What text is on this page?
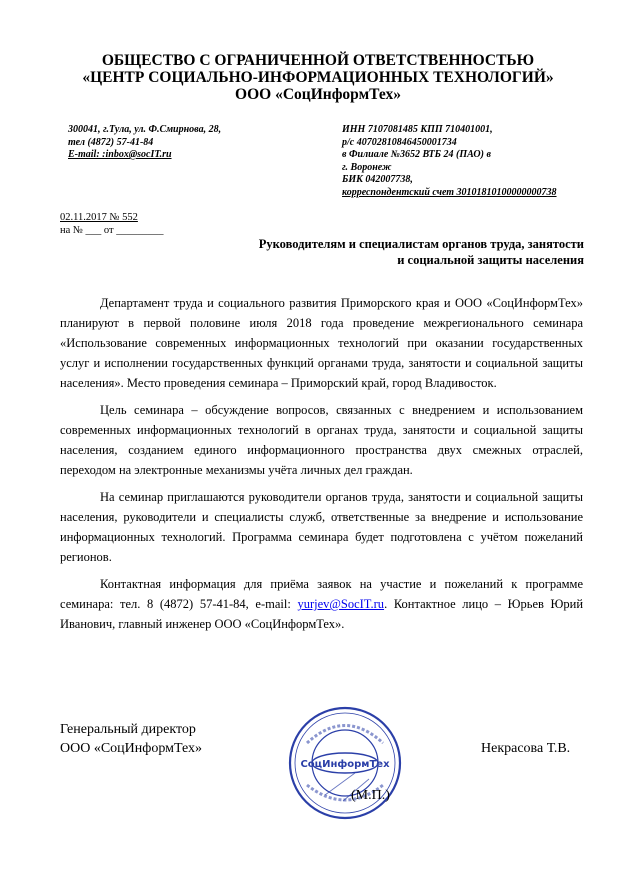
ОБЩЕСТВО С ОГРАНИЧЕННОЙ ОТВЕТСТВЕННОСТЬЮ
«ЦЕНТР СОЦИАЛЬНО-ИНФОРМАЦИОННЫХ ТЕХНОЛОГИЙ»
ООО «СоцИнформТех»
300041, г.Тула, ул. Ф.Смирнова, 28,
тел (4872) 57-41-84
E-mail: :inbox@socIT.ru
ИНН 7107081485 КПП 710401001,
р/с 40702810846450001734
в Филиале №3652 ВТБ 24 (ПАО) в
г. Воронеж
БИК 042007738,
корреспондентский счет 30101810100000000738
02.11.2017 № 552
на № ___ от _________
Руководителям и специалистам органов труда, занятости
и социальной защиты населения

Департамент труда и социального развития Приморского края и ООО «СоцИнформТех» планируют в первой половине июля 2018 года проведение межрегионального семинара «Использование современных информационных технологий при оказании государственных услуг и исполнении государственных функций органами труда, занятости и социальной защиты населения». Место проведения семинара – Приморский край, город Владивосток.

Цель семинара – обсуждение вопросов, связанных с внедрением и использованием современных информационных технологий в органах труда, занятости и социальной защиты населения, созданием единого информационного пространства двух смежных отраслей, переходом на электронные механизмы учёта личных дел граждан.

На семинар приглашаются руководители органов труда, занятости и социальной защиты населения, руководители и специалисты служб, ответственные за внедрение и использование информационных технологий. Программа семинара будет подготовлена с учётом пожеланий регионов.

Контактная информация для приёма заявок на участие и пожеланий к программе семинара: тел. 8 (4872) 57-41-84, e-mail: yurjev@SocIT.ru. Контактное лицо – Юрьев Юрий Иванович, главный инженер ООО «СоцИнформТех».

Генеральный директор
ООО «СоцИнформТех»	Некрасова Т.В.
СоцИнформТех
(М.П.)
